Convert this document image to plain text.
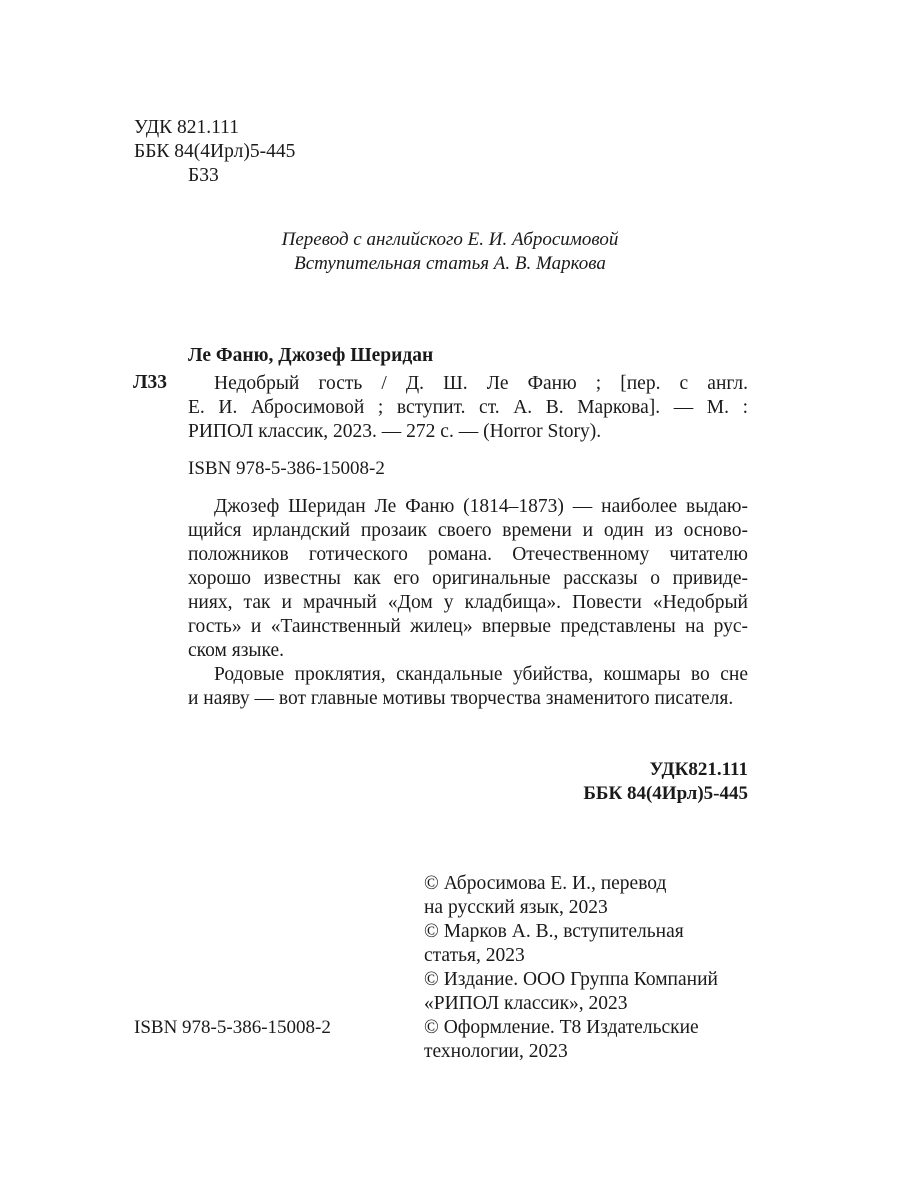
УДК 821.111
ББК 84(4Ирл)5-445
Б33
Перевод с английского Е. И. Абросимовой
Вступительная статья А. В. Маркова
Ле Фаню, Джозеф Шеридан
Л33	Недобрый гость / Д. Ш. Ле Фаню ; [пер. с англ.
Е. И. Абросимовой ; вступит. ст. А. В. Маркова]. — М. :
РИПОЛ классик, 2023. — 272 с. — (Horror Story).
ISBN 978-5-386-15008-2
Джозеф Шеридан Ле Фаню (1814–1873) — наиболее выдаю-
щийся ирландский прозаик своего времени и один из осново-
положников готического романа. Отечественному читателю
хорошо известны как его оригинальные рассказы о привиде-
ниях, так и мрачный «Дом у кладбища». Повести «Недобрый
гость» и «Таинственный жилец» впервые представлены на рус-
ском языке.
Родовые проклятия, скандальные убийства, кошмары во сне
и наяву — вот главные мотивы творчества знаменитого писателя.
УДК821.111
ББК 84(4Ирл)5-445
© Абросимова Е. И., перевод
на русский язык, 2023
© Марков А. В., вступительная
статья, 2023
© Издание. ООО Группа Компаний
«РИПОЛ классик», 2023
© Оформление. Т8 Издательские
технологии, 2023
ISBN 978-5-386-15008-2
